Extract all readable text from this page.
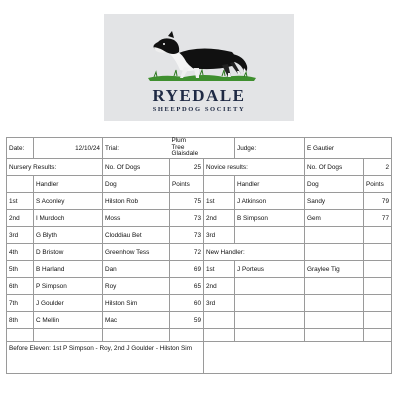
RYEDALE
SHEEPDOG SOCIETY
Date:	12/10/24	Trial:	Plum Tree Glaisdale	Judge:	E Gautier
Nursery Results:	No. Of Dogs	25	Novice results:	No. Of Dogs	2
	Handler	Dog	Points		Handler	Dog	Points
1st	S Aconley	Hilston Rob	75	1st	J Atkinson	Sandy	79
2nd	I Murdoch	Moss	73	2nd	B Simpson	Gem	77
3rd	G Blyth	Cloddiau Bet	73	3rd			
4th	D Bristow	Greenhow Tess	72	New Handler:		
5th	B Harland	Dan	69	1st	J Porteus	Graylee Tig	
6th	P Simpson	Roy	65	2nd			
7th	J Goulder	Hilston Sim	60	3rd			
8th	C Mellin	Mac	59				

Before Eleven: 1st P Simpson - Roy, 2nd J Goulder - Hilston Sim	
